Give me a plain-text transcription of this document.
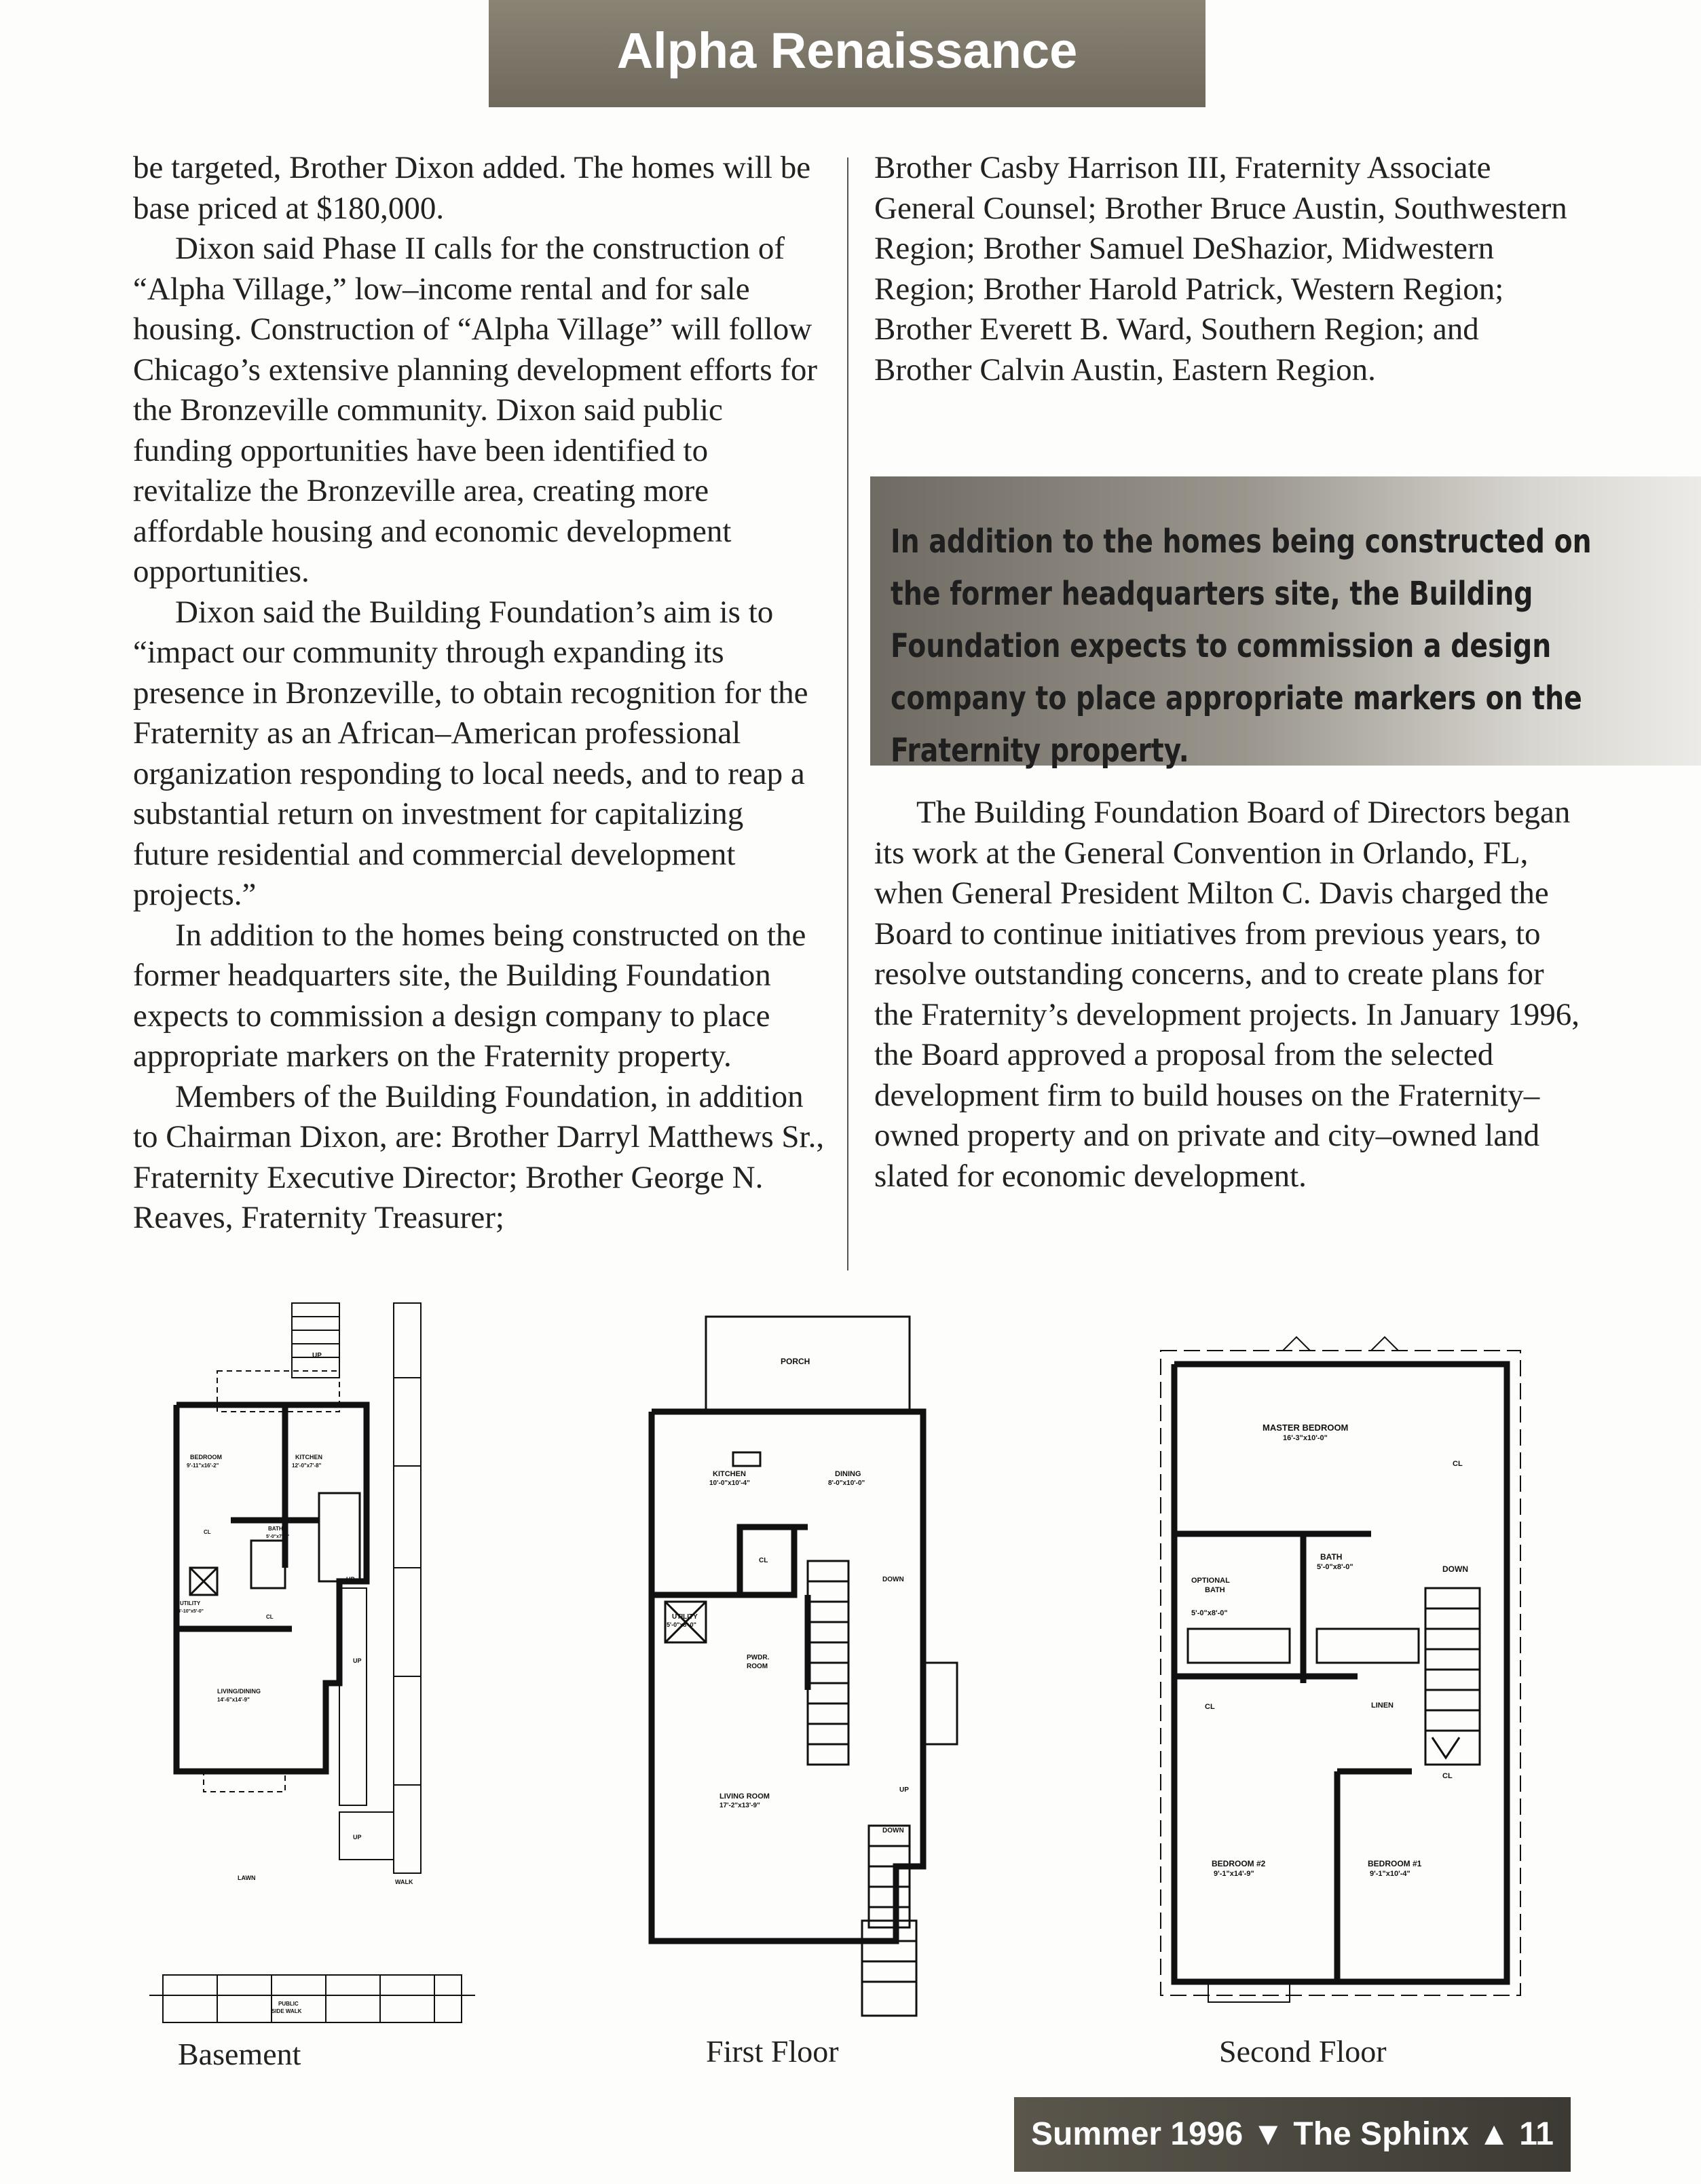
Alpha Renaissance

be targeted, Brother Dixon added. The homes will be base priced at $180,000.

Dixon said Phase II calls for the construction of “Alpha Village,” low–income rental and for sale housing. Construction of “Alpha Village” will follow Chicago’s extensive planning development efforts for the Bronzeville community. Dixon said public funding opportunities have been identified to revitalize the Bronzeville area, creating more affordable housing and economic development opportunities.

Dixon said the Building Foundation’s aim is to “impact our community through expanding its presence in Bronzeville, to obtain recognition for the Fraternity as an African–American professional organization responding to local needs, and to reap a substantial return on investment for capitalizing future residential and commercial development projects.”

In addition to the homes being constructed on the former headquarters site, the Building Foundation expects to commission a design company to place appropriate markers on the Fraternity property.

Members of the Building Foundation, in addition to Chairman Dixon, are: Brother Darryl Matthews Sr., Fraternity Executive Director; Brother George N. Reaves, Fraternity Treasurer;

Brother Casby Harrison III, Fraternity Associate General Counsel; Brother Bruce Austin, Southwestern Region; Brother Samuel DeShazior, Midwestern Region; Brother Harold Patrick, Western Region; Brother Everett B. Ward, Southern Region; and Brother Calvin Austin, Eastern Region.

In addition to the homes being constructed on the former headquarters site, the Building Foundation expects to commission a design company to place appropriate markers on the Fraternity property.

The Building Foundation Board of Directors began its work at the General Convention in Orlando, FL, when General President Milton C. Davis charged the Board to continue initiatives from previous years, to resolve outstanding concerns, and to create plans for the Fraternity’s development projects. In January 1996, the Board approved a proposal from the selected development firm to build houses on the Fraternity–owned property and on private and city–owned land slated for economic development.

UP
BEDROOM
9'-11"x16'-2"
KITCHEN
12'-0"x7'-8"
BATH
5'-0"x7'-8"
CL
CL
UTILITY
4'-10"x5'-0"
LIVING/DINING
14'-6"x14'-9"
UP
UP
UP
LAWN
WALK
PUBLIC
SIDE WALK
Basement
PORCH
KITCHEN
10'-0"x10'-4"
DINING
8'-0"x10'-0"
CL
DOWN
UTILITY
5'-0"x8'-0"
PWDR.
ROOM
LIVING ROOM
17'-2"x13'-9"
UP
DOWN
First Floor
MASTER BEDROOM
16'-3"x10'-0"
CL
BATH
5'-0"x8'-0"
OPTIONAL
BATH
5'-0"x8'-0"
DOWN
CL	LINEN
CL
BEDROOM #2
9'-1"x14'-9"
BEDROOM #1
9'-1"x10'-4"
Second Floor
Summer 1996 ▼ The Sphinx ▲ 11
